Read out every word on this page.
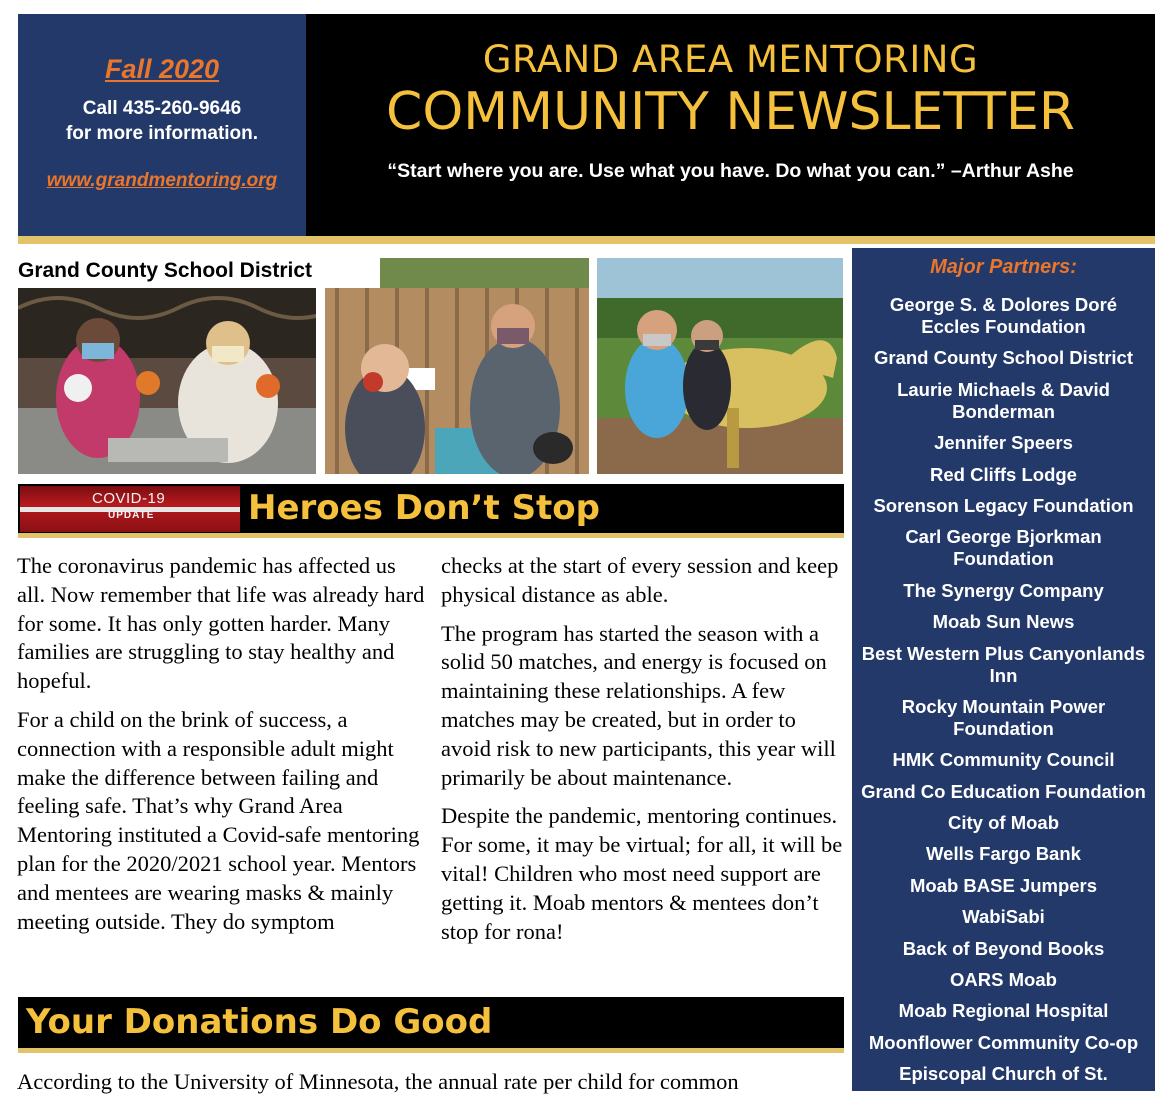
Fall 2020
Call 435-260-9646
for more information.
www.grandmentoring.org
GRAND AREA MENTORING
COMMUNITY NEWSLETTER
“Start where you are. Use what you have. Do what you can.” –Arthur Ashe
Grand County School District
COVID-19
UPDATE	Heroes Don’t Stop

The coronavirus pandemic has affected us all. Now remember that life was already hard for some. It has only gotten harder. Many families are struggling to stay healthy and hopeful.

For a child on the brink of success, a connection with a responsible adult might make the difference between failing and feeling safe. That’s why Grand Area Mentoring instituted a Covid-safe mentoring plan for the 2020/2021 school year. Mentors and mentees are wearing masks & mainly meeting outside. They do symptom

checks at the start of every session and keep physical distance as able.

The program has started the season with a solid 50 matches, and energy is focused on maintaining these relationships. A few matches may be created, but in order to avoid risk to new participants, this year will primarily be about maintenance.

Despite the pandemic, mentoring continues. For some, it may be virtual; for all, it will be vital! Children who most need support are getting it. Moab mentors & mentees don’t stop for rona!

Your Donations Do Good
According to the University of Minnesota, the annual rate per child for common
Major Partners:
George S. & Dolores Doré Eccles Foundation
Grand County School District
Laurie Michaels & David Bonderman
Jennifer Speers
Red Cliffs Lodge
Sorenson Legacy Foundation
Carl George Bjorkman Foundation
The Synergy Company
Moab Sun News
Best Western Plus Canyonlands Inn
Rocky Mountain Power Foundation
HMK Community Council
Grand Co Education Foundation
City of Moab
Wells Fargo Bank
Moab BASE Jumpers
WabiSabi
Back of Beyond Books
OARS Moab
Moab Regional Hospital
Moonflower Community Co-op
Episcopal Church of St.
